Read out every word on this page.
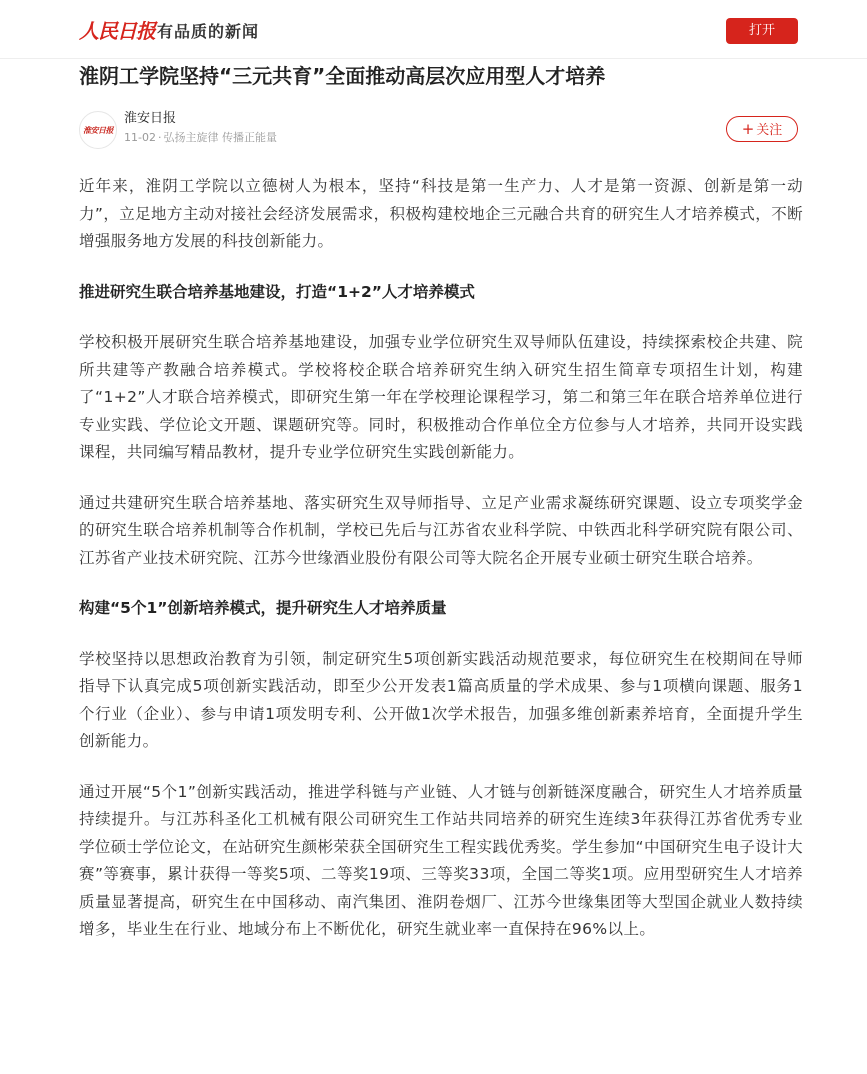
人民日报 有品质的新闻	打开
淮阴工学院坚持“三元共育”全面推动高层次应用型人才培养
淮安日报
淮安日报
11-02 · 弘扬主旋律 传播正能量	+ 关注

近年来，淮阴工学院以立德树人为根本，坚持“科技是第一生产力、人才是第一资源、创新是第一动力”，立足地方主动对接社会经济发展需求，积极构建校地企三元融合共育的研究生人才培养模式，不断增强服务地方发展的科技创新能力。

推进研究生联合培养基地建设，打造“1+2”人才培养模式

学校积极开展研究生联合培养基地建设，加强专业学位研究生双导师队伍建设，持续探索校企共建、院所共建等产教融合培养模式。学校将校企联合培养研究生纳入研究生招生简章专项招生计划，构建了“1+2”人才联合培养模式，即研究生第一年在学校理论课程学习，第二和第三年在联合培养单位进行专业实践、学位论文开题、课题研究等。同时，积极推动合作单位全方位参与人才培养，共同开设实践课程，共同编写精品教材，提升专业学位研究生实践创新能力。

通过共建研究生联合培养基地、落实研究生双导师指导、立足产业需求凝练研究课题、设立专项奖学金的研究生联合培养机制等合作机制，学校已先后与江苏省农业科学院、中铁西北科学研究院有限公司、江苏省产业技术研究院、江苏今世缘酒业股份有限公司等大院名企开展专业硕士研究生联合培养。

构建“5个1”创新培养模式，提升研究生人才培养质量

学校坚持以思想政治教育为引领，制定研究生5项创新实践活动规范要求，每位研究生在校期间在导师指导下认真完成5项创新实践活动，即至少公开发表1篇高质量的学术成果、参与1项横向课题、服务1个行业（企业）、参与申请1项发明专利、公开做1次学术报告，加强多维创新素养培育，全面提升学生创新能力。

通过开展“5个1”创新实践活动，推进学科链与产业链、人才链与创新链深度融合，研究生人才培养质量持续提升。与江苏科圣化工机械有限公司研究生工作站共同培养的研究生连续3年获得江苏省优秀专业学位硕士学位论文，在站研究生颜彬荣获全国研究生工程实践优秀奖。学生参加“中国研究生电子设计大赛”等赛事，累计获得一等奖5项、二等奖19项、三等奖33项，全国二等奖1项。应用型研究生人才培养质量显著提高，研究生在中国移动、南汽集团、淮阴卷烟厂、江苏今世缘集团等大型国企就业人数持续增多，毕业生在行业、地域分布上不断优化，研究生就业率一直保持在96%以上。
